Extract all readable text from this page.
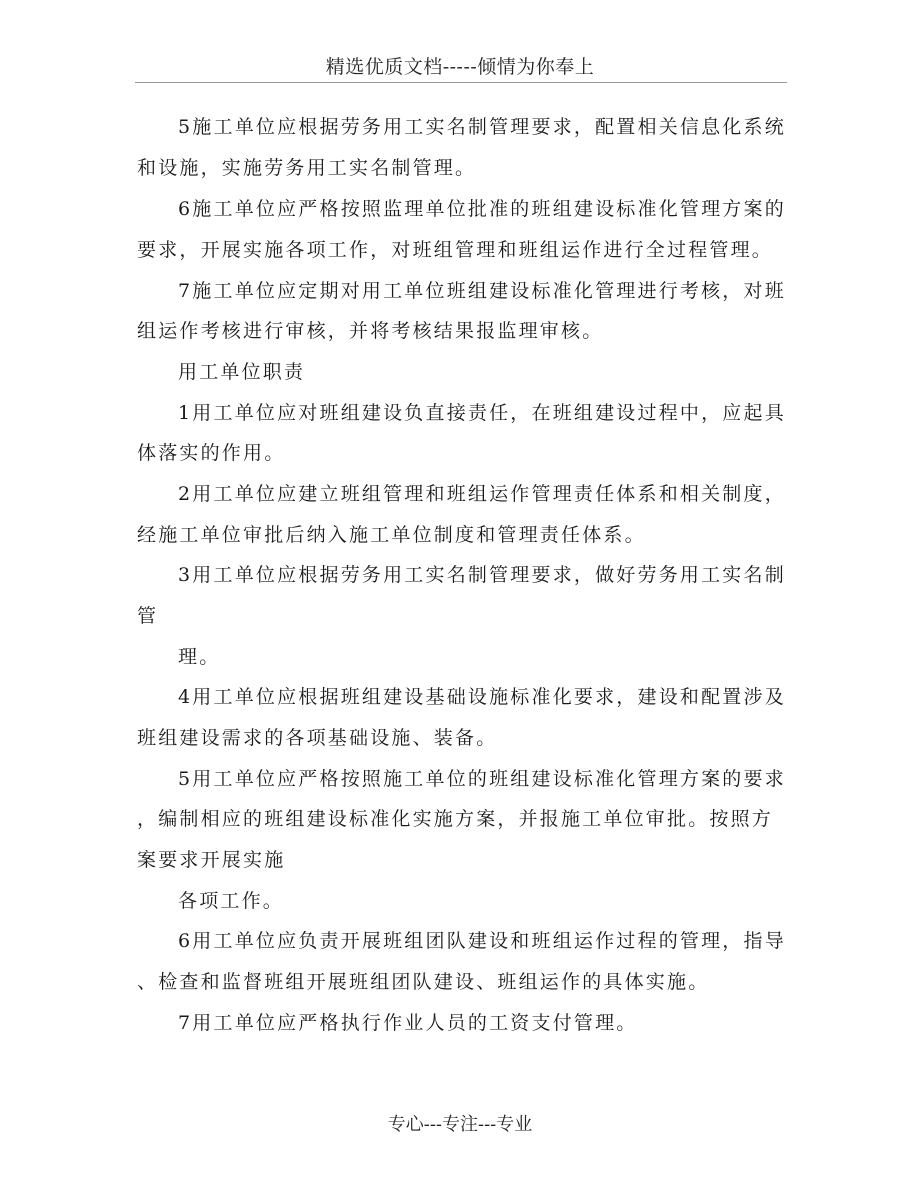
精选优质文档-----倾情为你奉上
5施工单位应根据劳务用工实名制管理要求，配置相关信息化系统
和设施，实施劳务用工实名制管理。
6施工单位应严格按照监理单位批准的班组建设标准化管理方案的
要求，开展实施各项工作，对班组管理和班组运作进行全过程管理。
7施工单位应定期对用工单位班组建设标准化管理进行考核，对班
组运作考核进行审核，并将考核结果报监理审核。
用工单位职责
1用工单位应对班组建设负直接责任，在班组建设过程中，应起具
体落实的作用。
2用工单位应建立班组管理和班组运作管理责任体系和相关制度，
经施工单位审批后纳入施工单位制度和管理责任体系。
3用工单位应根据劳务用工实名制管理要求，做好劳务用工实名制
管
理。
4用工单位应根据班组建设基础设施标准化要求，建设和配置涉及
班组建设需求的各项基础设施、装备。
5用工单位应严格按照施工单位的班组建设标准化管理方案的要求
，编制相应的班组建设标准化实施方案，并报施工单位审批。按照方
案要求开展实施
各项工作。
6用工单位应负责开展班组团队建设和班组运作过程的管理，指导
、检查和监督班组开展班组团队建设、班组运作的具体实施。
7用工单位应严格执行作业人员的工资支付管理。
专心---专注---专业
